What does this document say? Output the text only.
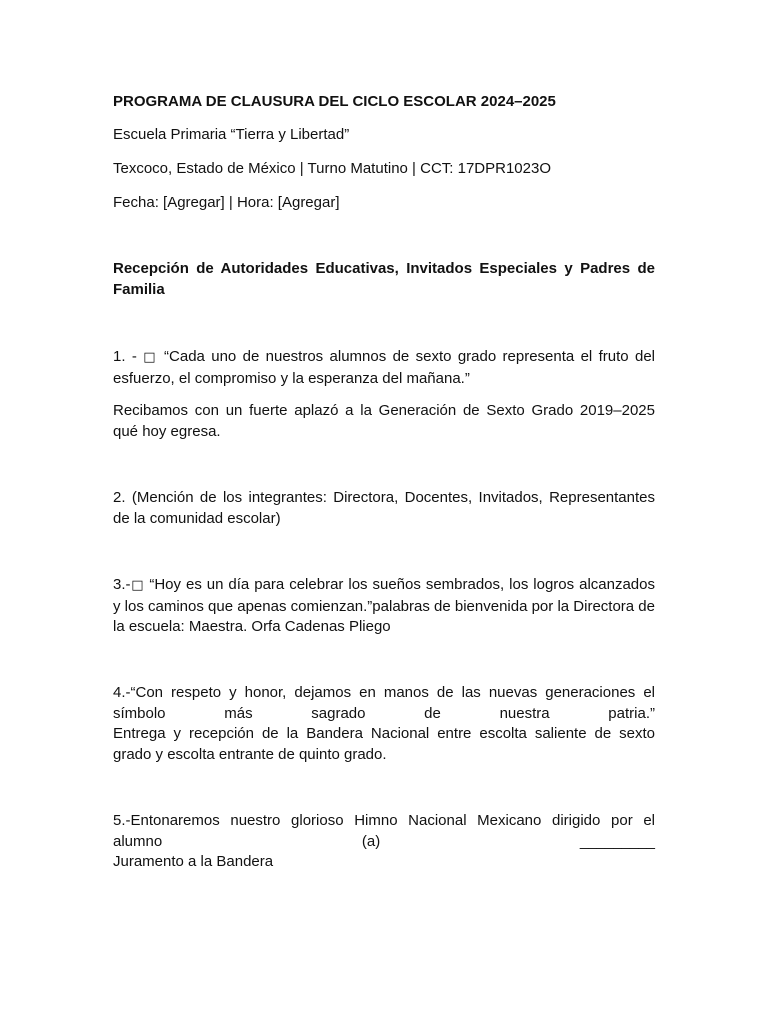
PROGRAMA DE CLAUSURA DEL CICLO ESCOLAR 2024–2025

Escuela Primaria “Tierra y Libertad”

Texcoco, Estado de México | Turno Matutino | CCT: 17DPR1023O

Fecha: [Agregar] | Hora: [Agregar]

Recepción de Autoridades Educativas, Invitados Especiales y Padres de Familia

1. - □ “Cada uno de nuestros alumnos de sexto grado representa el fruto del esfuerzo, el compromiso y la esperanza del mañana.”

Recibamos con un fuerte aplazó a la Generación de Sexto Grado 2019–2025 qué hoy egresa.

2. (Mención de los integrantes: Directora, Docentes, Invitados, Representantes de la comunidad escolar)

3.-□ “Hoy es un día para celebrar los sueños sembrados, los logros alcanzados y los caminos que apenas comienzan.”palabras de bienvenida por la Directora de la escuela: Maestra. Orfa Cadenas Pliego

4.-“Con respeto y honor, dejamos en manos de las nuevas generaciones el símbolo más sagrado de nuestra patria.”

Entrega y recepción de la Bandera Nacional entre escolta saliente de sexto grado y escolta entrante de quinto grado.

5.-Entonaremos nuestro glorioso Himno Nacional Mexicano dirigido por el alumno (a) _________

Juramento a la Bandera
